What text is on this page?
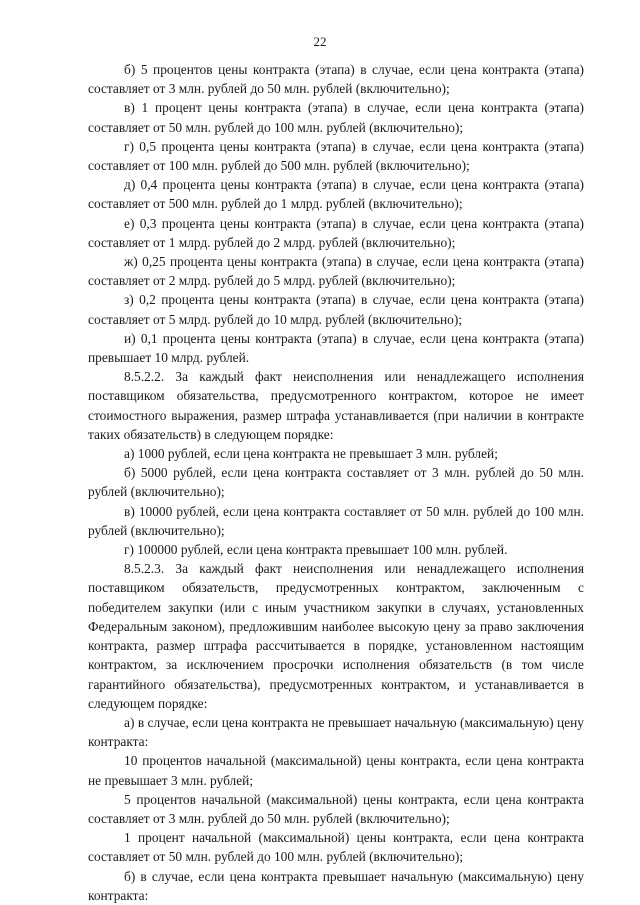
22

б) 5 процентов цены контракта (этапа) в случае, если цена контракта (этапа) составляет от 3 млн. рублей до 50 млн. рублей (включительно);

в) 1 процент цены контракта (этапа) в случае, если цена контракта (этапа) составляет от 50 млн. рублей до 100 млн. рублей (включительно);

г) 0,5 процента цены контракта (этапа) в случае, если цена контракта (этапа) составляет от 100 млн. рублей до 500 млн. рублей (включительно);

д) 0,4 процента цены контракта (этапа) в случае, если цена контракта (этапа) составляет от 500 млн. рублей до 1 млрд. рублей (включительно);

е) 0,3 процента цены контракта (этапа) в случае, если цена контракта (этапа) составляет от 1 млрд. рублей до 2 млрд. рублей (включительно);

ж) 0,25 процента цены контракта (этапа) в случае, если цена контракта (этапа) составляет от 2 млрд. рублей до 5 млрд. рублей (включительно);

з) 0,2 процента цены контракта (этапа) в случае, если цена контракта (этапа) составляет от 5 млрд. рублей до 10 млрд. рублей (включительно);

и) 0,1 процента цены контракта (этапа) в случае, если цена контракта (этапа) превышает 10 млрд. рублей.

8.5.2.2. За каждый факт неисполнения или ненадлежащего исполнения поставщиком обязательства, предусмотренного контрактом, которое не имеет стоимостного выражения, размер штрафа устанавливается (при наличии в контракте таких обязательств) в следующем порядке:

а) 1000 рублей, если цена контракта не превышает 3 млн. рублей;

б) 5000 рублей, если цена контракта составляет от 3 млн. рублей до 50 млн. рублей (включительно);

в) 10000 рублей, если цена контракта составляет от 50 млн. рублей до 100 млн. рублей (включительно);

г) 100000 рублей, если цена контракта превышает 100 млн. рублей.

8.5.2.3. За каждый факт неисполнения или ненадлежащего исполнения поставщиком обязательств, предусмотренных контрактом, заключенным с победителем закупки (или с иным участником закупки в случаях, установленных Федеральным законом), предложившим наиболее высокую цену за право заключения контракта, размер штрафа рассчитывается в порядке, установленном настоящим контрактом, за исключением просрочки исполнения обязательств (в том числе гарантийного обязательства), предусмотренных контрактом, и устанавливается в следующем порядке:

а) в случае, если цена контракта не превышает начальную (максимальную) цену контракта:

10 процентов начальной (максимальной) цены контракта, если цена контракта не превышает 3 млн. рублей;

5 процентов начальной (максимальной) цены контракта, если цена контракта составляет от 3 млн. рублей до 50 млн. рублей (включительно);

1 процент начальной (максимальной) цены контракта, если цена контракта составляет от 50 млн. рублей до 100 млн. рублей (включительно);

б) в случае, если цена контракта превышает начальную (максимальную) цену контракта:
